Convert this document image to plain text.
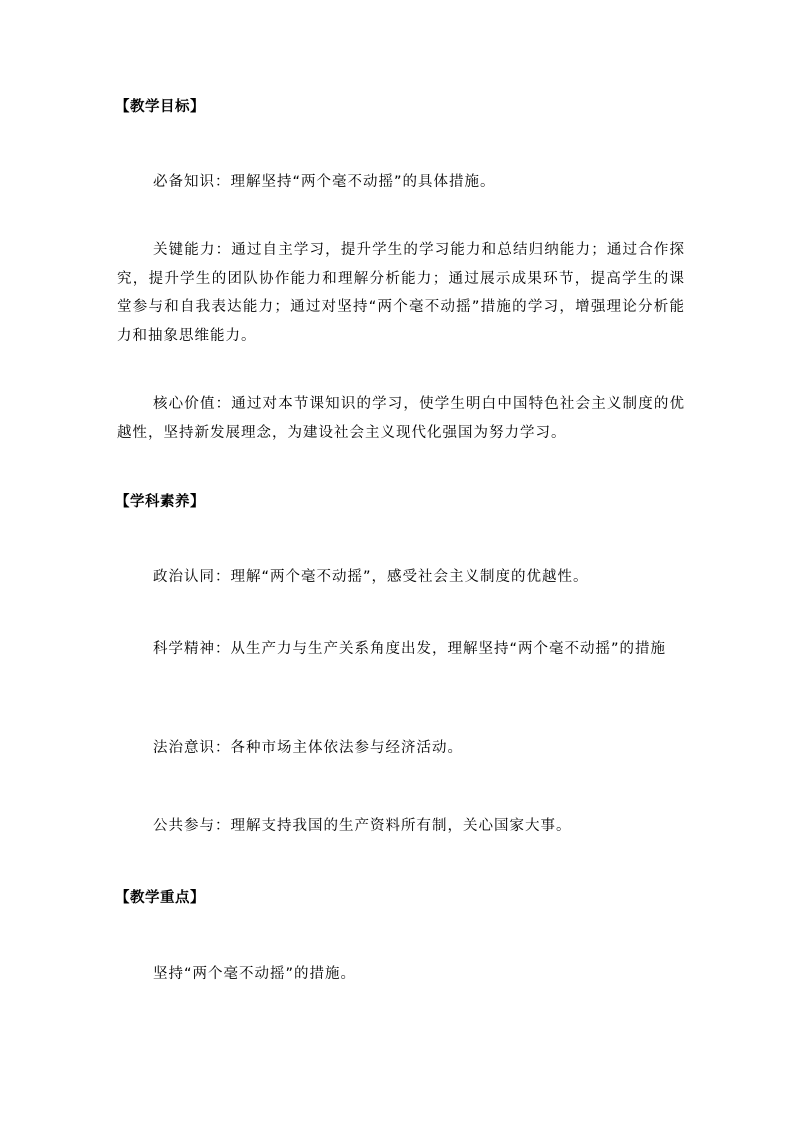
【教学目标】

必备知识：理解坚持“两个毫不动摇”的具体措施。

关键能力：通过自主学习，提升学生的学习能力和总结归纳能力；通过合作探究，提升学生的团队协作能力和理解分析能力；通过展示成果环节，提高学生的课堂参与和自我表达能力；通过对坚持“两个毫不动摇”措施的学习，增强理论分析能力和抽象思维能力。

核心价值：通过对本节课知识的学习，使学生明白中国特色社会主义制度的优越性，坚持新发展理念，为建设社会主义现代化强国为努力学习。

【学科素养】

政治认同：理解“两个毫不动摇”，感受社会主义制度的优越性。

科学精神：从生产力与生产关系角度出发，理解坚持“两个毫不动摇”的措施

法治意识：各种市场主体依法参与经济活动。

公共参与：理解支持我国的生产资料所有制，关心国家大事。

【教学重点】

坚持“两个毫不动摇”的措施。
